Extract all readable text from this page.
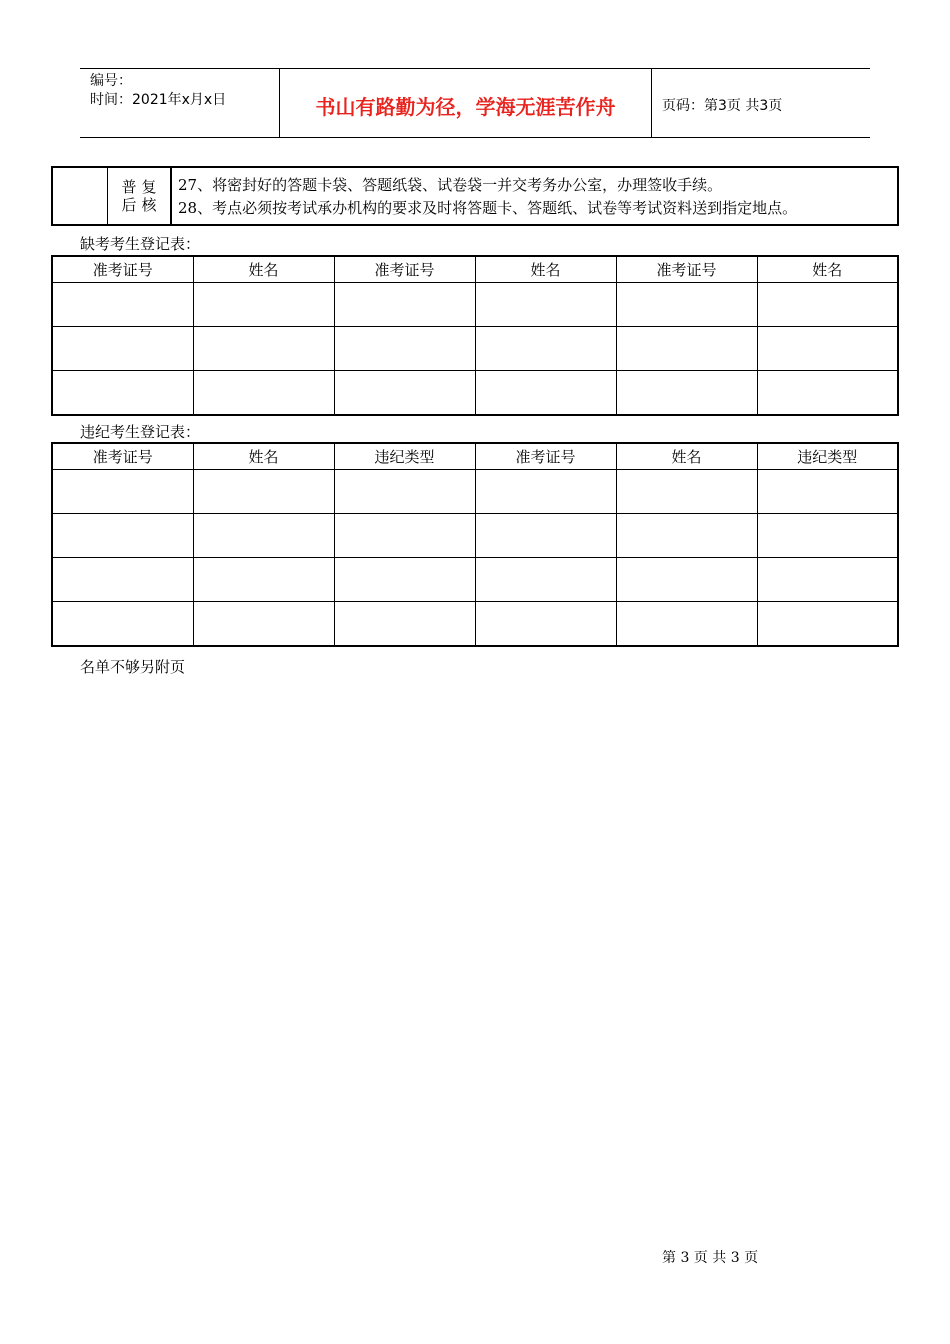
编号：
时间：2021年x月x日	书山有路勤为径，学海无涯苦作舟	页码：第3页 共3页
	普 后复 核	
27、将密封好的答题卡袋、答题纸袋、试卷袋一并交考务办公室，办理签收手续。
28、考点必须按考试承办机构的要求及时将答题卡、答题纸、试卷等考试资料送到指定地点。
缺考考生登记表：
准考证号	姓名	准考证号	姓名	准考证号	姓名

违纪考生登记表：
准考证号	姓名	违纪类型	准考证号	姓名	违纪类型

名单不够另附页
第 3 页 共 3 页
